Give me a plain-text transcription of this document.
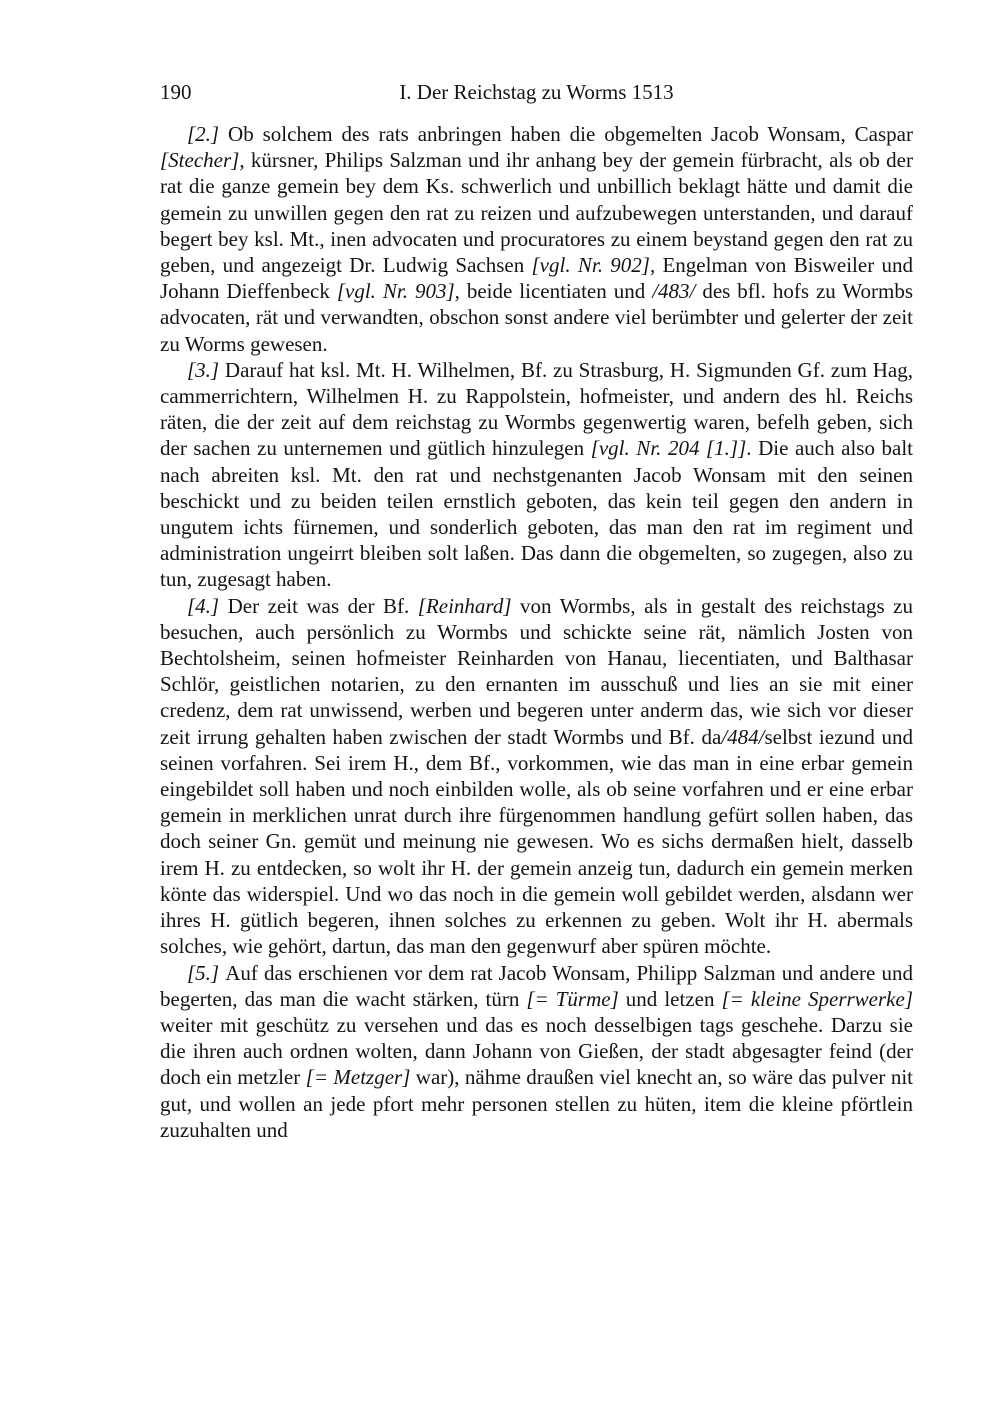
190	I. Der Reichstag zu Worms 1513

[2.] Ob solchem des rats anbringen haben die obgemelten Jacob Wonsam, Caspar [Stecher], kürsner, Philips Salzman und ihr anhang bey der gemein fürbracht, als ob der rat die ganze gemein bey dem Ks. schwerlich und unbillich beklagt hätte und damit die gemein zu unwillen gegen den rat zu reizen und aufzubewegen unterstanden, und darauf begert bey ksl. Mt., inen advocaten und procuratores zu einem beystand gegen den rat zu geben, und angezeigt Dr. Ludwig Sachsen [vgl. Nr. 902], Engelman von Bisweiler und Johann Dieffenbeck [vgl. Nr. 903], beide licentiaten und /483/ des bfl. hofs zu Wormbs advocaten, rät und verwandten, obschon sonst andere viel berümbter und gelerter der zeit zu Worms gewesen.

[3.] Darauf hat ksl. Mt. H. Wilhelmen, Bf. zu Strasburg, H. Sigmunden Gf. zum Hag, cammerrichtern, Wilhelmen H. zu Rappolstein, hofmeister, und andern des hl. Reichs räten, die der zeit auf dem reichstag zu Wormbs gegenwertig waren, befelh geben, sich der sachen zu unternemen und gütlich hinzulegen [vgl. Nr. 204 [1.]]. Die auch also balt nach abreiten ksl. Mt. den rat und nechstgenanten Jacob Wonsam mit den seinen beschickt und zu beiden teilen ernstlich geboten, das kein teil gegen den andern in ungutem ichts fürnemen, und sonderlich geboten, das man den rat im regiment und administration ungeirrt bleiben solt laßen. Das dann die obgemelten, so zugegen, also zu tun, zugesagt haben.

[4.] Der zeit was der Bf. [Reinhard] von Wormbs, als in gestalt des reichstags zu besuchen, auch persönlich zu Wormbs und schickte seine rät, nämlich Josten von Bechtolsheim, seinen hofmeister Reinharden von Hanau, liecentiaten, und Balthasar Schlör, geistlichen notarien, zu den ernanten im ausschuß und lies an sie mit einer credenz, dem rat unwissend, werben und begeren unter anderm das, wie sich vor dieser zeit irrung gehalten haben zwischen der stadt Wormbs und Bf. da/484/selbst iezund und seinen vorfahren. Sei irem H., dem Bf., vorkommen, wie das man in eine erbar gemein eingebildet soll haben und noch einbilden wolle, als ob seine vorfahren und er eine erbar gemein in merklichen unrat durch ihre fürgenommen handlung gefürt sollen haben, das doch seiner Gn. gemüt und meinung nie gewesen. Wo es sichs dermaßen hielt, dasselb irem H. zu entdecken, so wolt ihr H. der gemein anzeig tun, dadurch ein gemein merken könte das widerspiel. Und wo das noch in die gemein woll gebildet werden, alsdann wer ihres H. gütlich begeren, ihnen solches zu erkennen zu geben. Wolt ihr H. abermals solches, wie gehört, dartun, das man den gegenwurf aber spüren möchte.

[5.] Auf das erschienen vor dem rat Jacob Wonsam, Philipp Salzman und andere und begerten, das man die wacht stärken, türn [= Türme] und letzen [= kleine Sperrwerke] weiter mit geschütz zu versehen und das es noch desselbigen tags geschehe. Darzu sie die ihren auch ordnen wolten, dann Johann von Gießen, der stadt abgesagter feind (der doch ein metzler [= Metzger] war), nähme draußen viel knecht an, so wäre das pulver nit gut, und wollen an jede pfort mehr personen stellen zu hüten, item die kleine pförtlein zuzuhalten und
